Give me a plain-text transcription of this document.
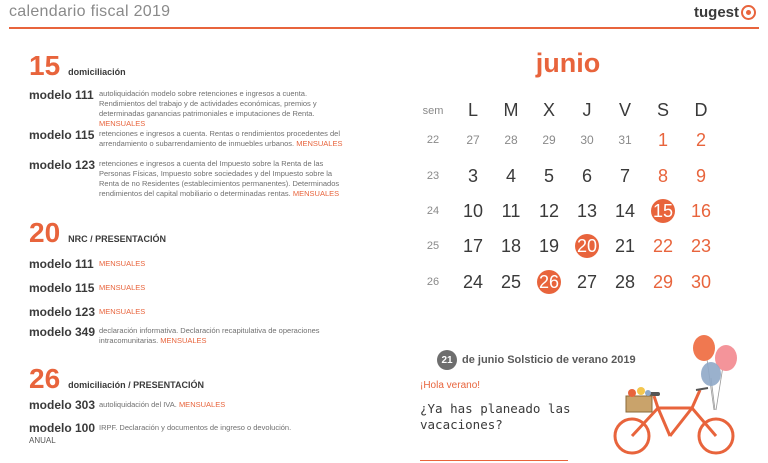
calendario fiscal 2019	tugest
15 domiciliación
modelo 111 autoliquidación modelo sobre retenciones e ingresos a cuenta.
Rendimientos del trabajo y de actividades económicas, premios y
determinadas ganancias patrimoniales e imputaciones de Renta.
MENSUALES
modelo 115 retenciones e ingresos a cuenta. Rentas o rendimientos procedentes del
arrendamiento o subarrendamiento de inmuebles urbanos. MENSUALES
modelo 123 retenciones e ingresos a cuenta del Impuesto sobre la Renta de las
Personas Físicas, Impuesto sobre sociedades y del Impuesto sobre la
Renta de no Residentes (establecimientos permanentes). Determinados
rendimientos del capital mobiliario o determinadas rentas. MENSUALES
20 NRC / PRESENTACIÓN
modelo 111 MENSUALES
modelo 115 MENSUALES
modelo 123 MENSUALES
modelo 349 declaración informativa. Declaración recapitulativa de operaciones
intracomunitarias. MENSUALES
26 domiciliación / PRESENTACIÓN
modelo 303 autoliquidación del IVA. MENSUALES
modelo 100 IRPF. Declaración y documentos de ingreso o devolución.
ANUAL
junio
sem	L	M	X	J	V	S	D
22	27	28	29	30	31	1	2
23	3	4	5	6	7	8	9
24	10	11	12 13 14 15 16
25	17 18 19 20 21 22 23
26	24 25 26 27 28 29 30
21 de junio Solsticio de verano 2019
¡Hola verano!
¿Ya has planeado las vacaciones?
